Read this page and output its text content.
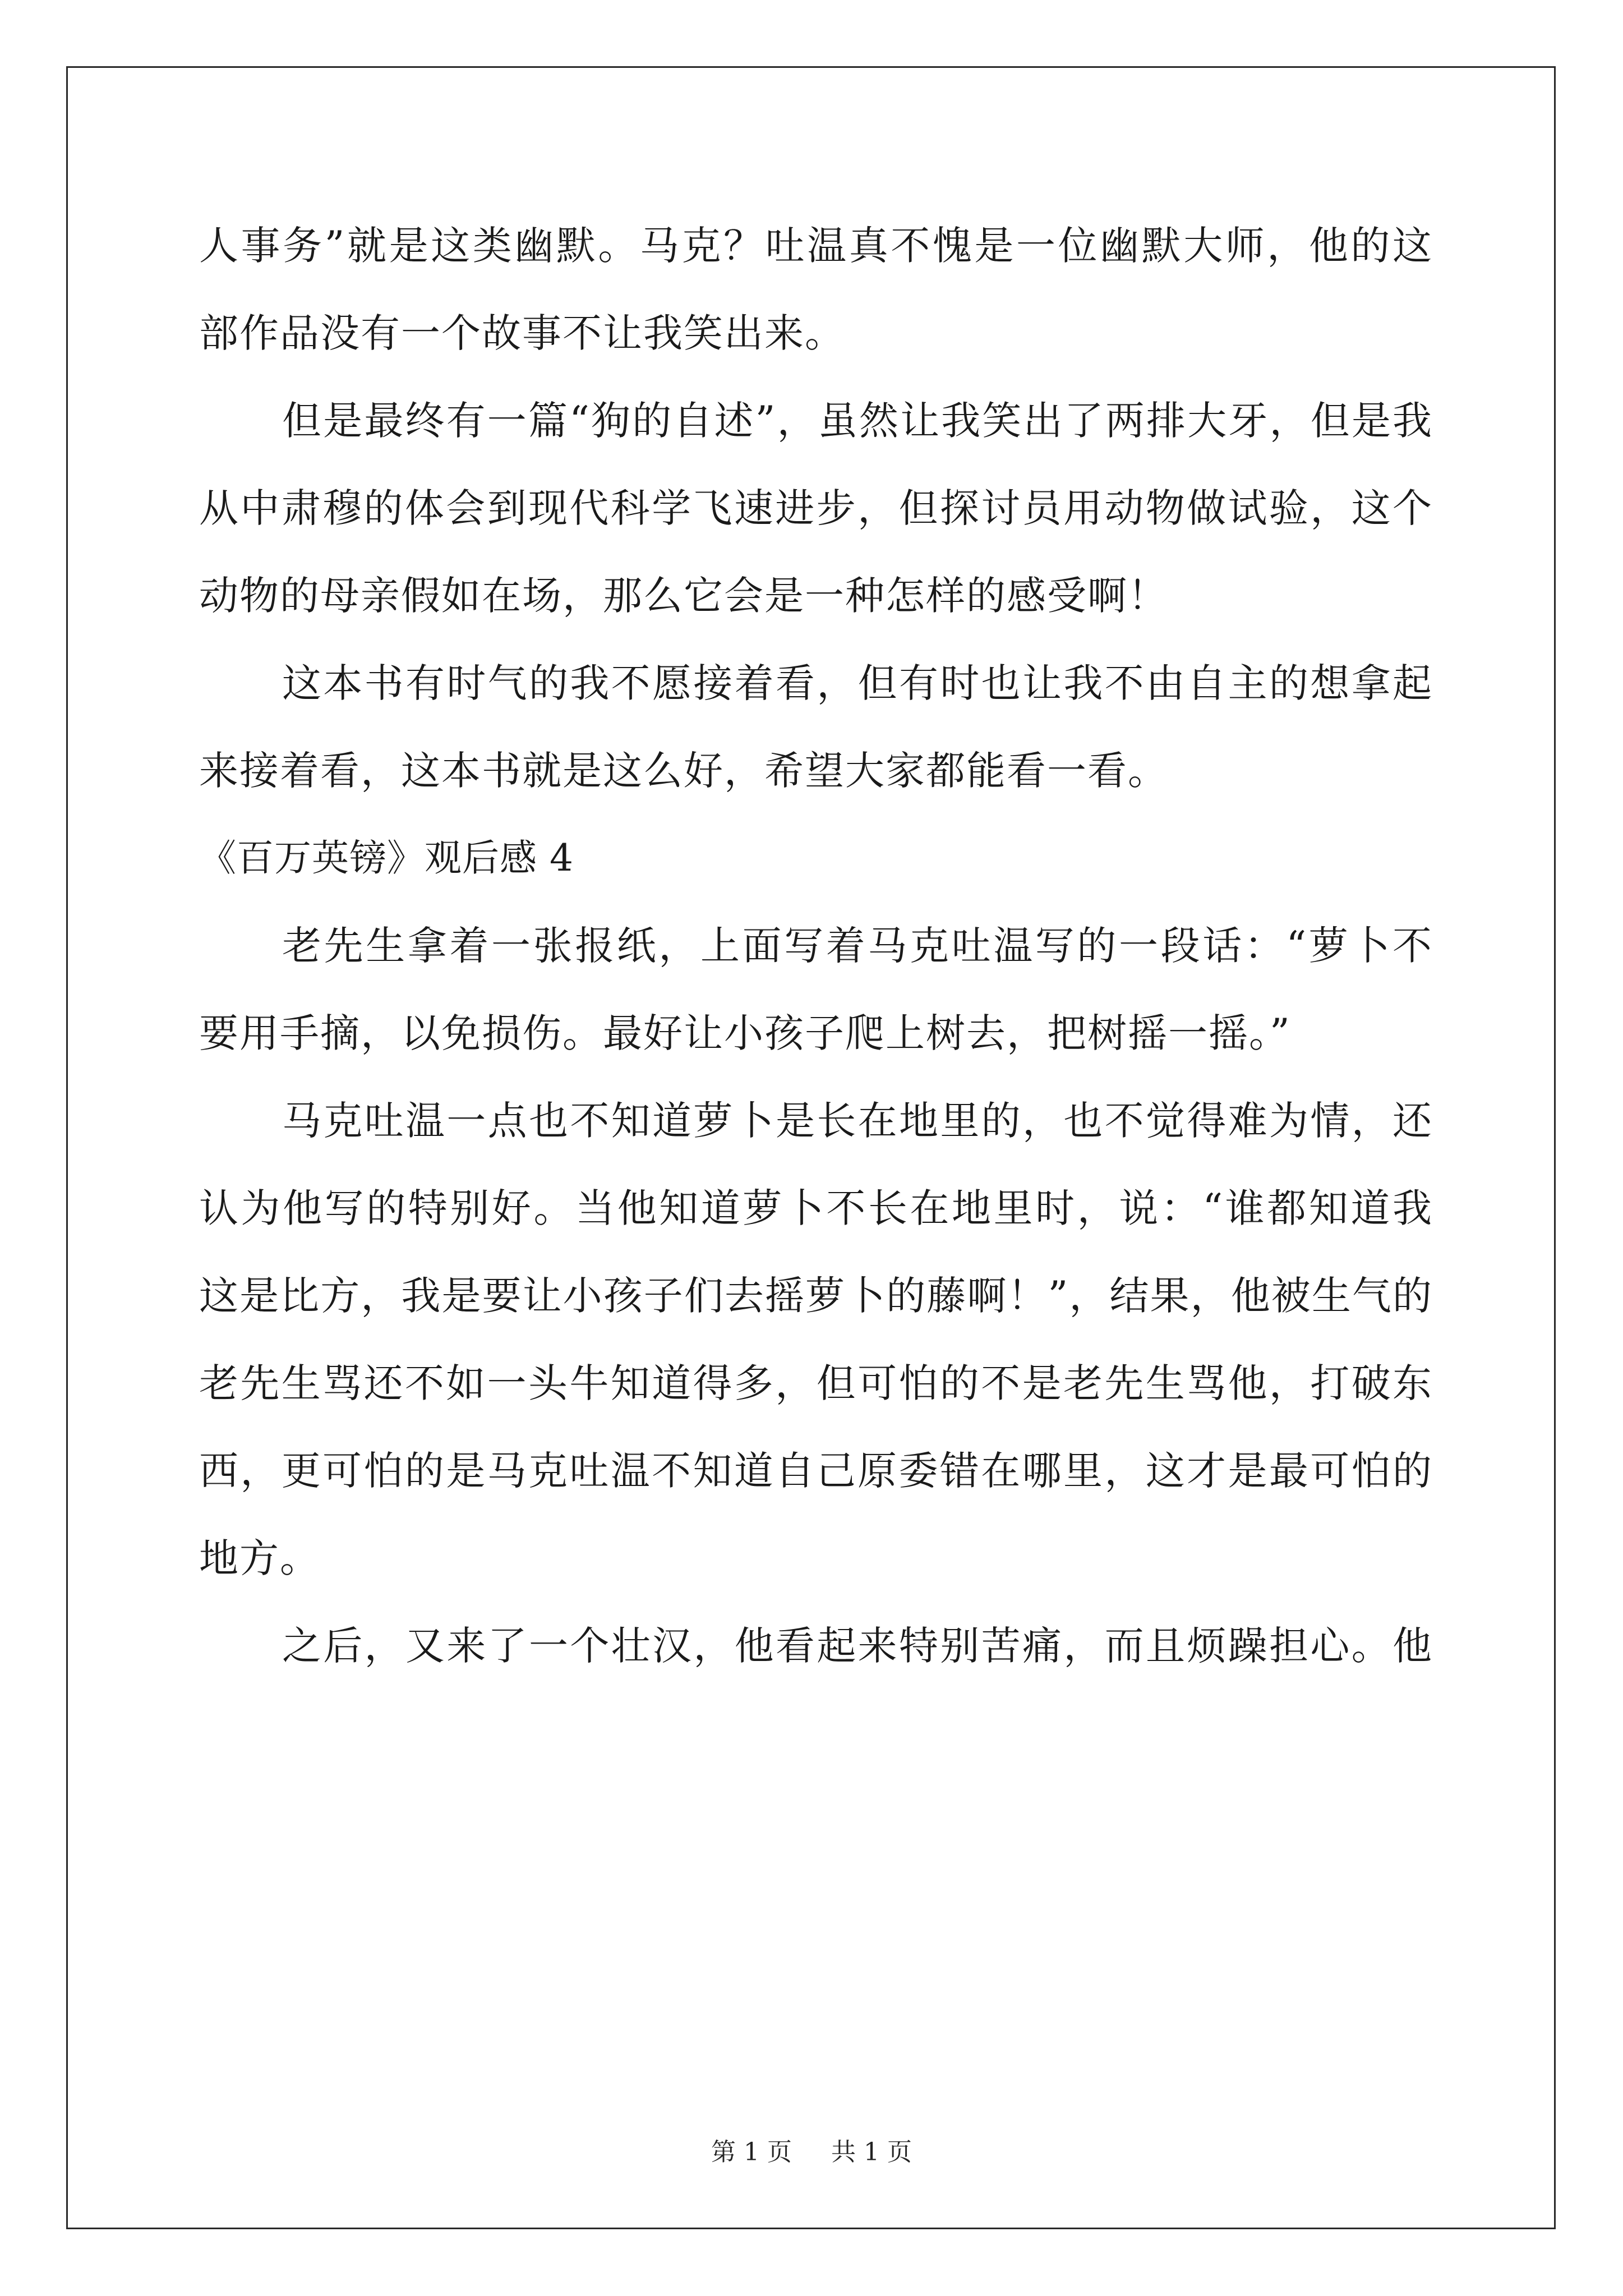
人事务”就是这类幽默。马克？吐温真不愧是一位幽默大师，他的这
部作品没有一个故事不让我笑出来。
但是最终有一篇“狗的自述”，虽然让我笑出了两排大牙，但是我
从中肃穆的体会到现代科学飞速进步，但探讨员用动物做试验，这个
动物的母亲假如在场，那么它会是一种怎样的感受啊！
这本书有时气的我不愿接着看，但有时也让我不由自主的想拿起
来接着看，这本书就是这么好，希望大家都能看一看。
《百万英镑》观后感 4
老先生拿着一张报纸，上面写着马克吐温写的一段话：“萝卜不
要用手摘，以免损伤。最好让小孩子爬上树去，把树摇一摇。”
马克吐温一点也不知道萝卜是长在地里的，也不觉得难为情，还
认为他写的特别好。当他知道萝卜不长在地里时，说：“谁都知道我
这是比方，我是要让小孩子们去摇萝卜的藤啊！”，结果，他被生气的
老先生骂还不如一头牛知道得多，但可怕的不是老先生骂他，打破东
西，更可怕的是马克吐温不知道自己原委错在哪里，这才是最可怕的
地方。
之后，又来了一个壮汉，他看起来特别苦痛，而且烦躁担心。他
第 1 页 共 1 页
